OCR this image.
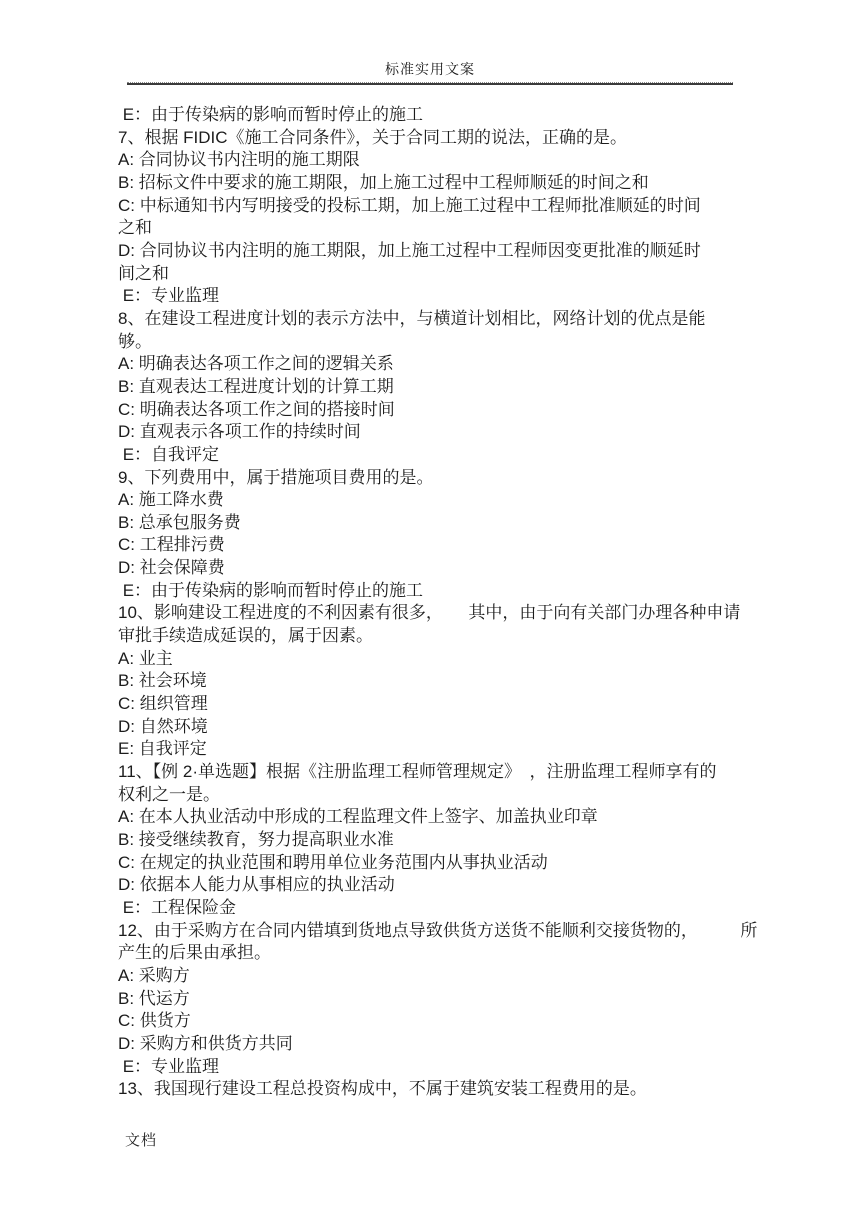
标准实用文案
E：由于传染病的影响而暂时停止的施工
7、根据 FIDIC《施工合同条件》，关于合同工期的说法，正确的是。
A: 合同协议书内注明的施工期限
B: 招标文件中要求的施工期限，加上施工过程中工程师顺延的时间之和
C: 中标通知书内写明接受的投标工期，加上施工过程中工程师批准顺延的时间
之和
D: 合同协议书内注明的施工期限，加上施工过程中工程师因变更批准的顺延时
间之和
E：专业监理
8、在建设工程进度计划的表示方法中，与横道计划相比，网络计划的优点是能
够。
A: 明确表达各项工作之间的逻辑关系
B: 直观表达工程进度计划的计算工期
C: 明确表达各项工作之间的搭接时间
D: 直观表示各项工作的持续时间
E：自我评定
9、下列费用中，属于措施项目费用的是。
A: 施工降水费
B: 总承包服务费
C: 工程排污费
D: 社会保障费
E：由于传染病的影响而暂时停止的施工
10、影响建设工程进度的不利因素有很多，　　其中，由于向有关部门办理各种申请
审批手续造成延误的，属于因素。
A: 业主
B: 社会环境
C: 组织管理
D: 自然环境
E: 自我评定
11、【例 2·单选题】根据《注册监理工程师管理规定》　，注册监理工程师享有的
权利之一是。
A: 在本人执业活动中形成的工程监理文件上签字、加盖执业印章
B: 接受继续教育，努力提高职业水准
C: 在规定的执业范围和聘用单位业务范围内从事执业活动
D: 依据本人能力从事相应的执业活动
E：工程保险金
12、由于采购方在合同内错填到货地点导致供货方送货不能顺利交接货物的，　　　所
产生的后果由承担。
A: 采购方
B: 代运方
C: 供货方
D: 采购方和供货方共同
E：专业监理
13、我国现行建设工程总投资构成中，不属于建筑安装工程费用的是。
文档
